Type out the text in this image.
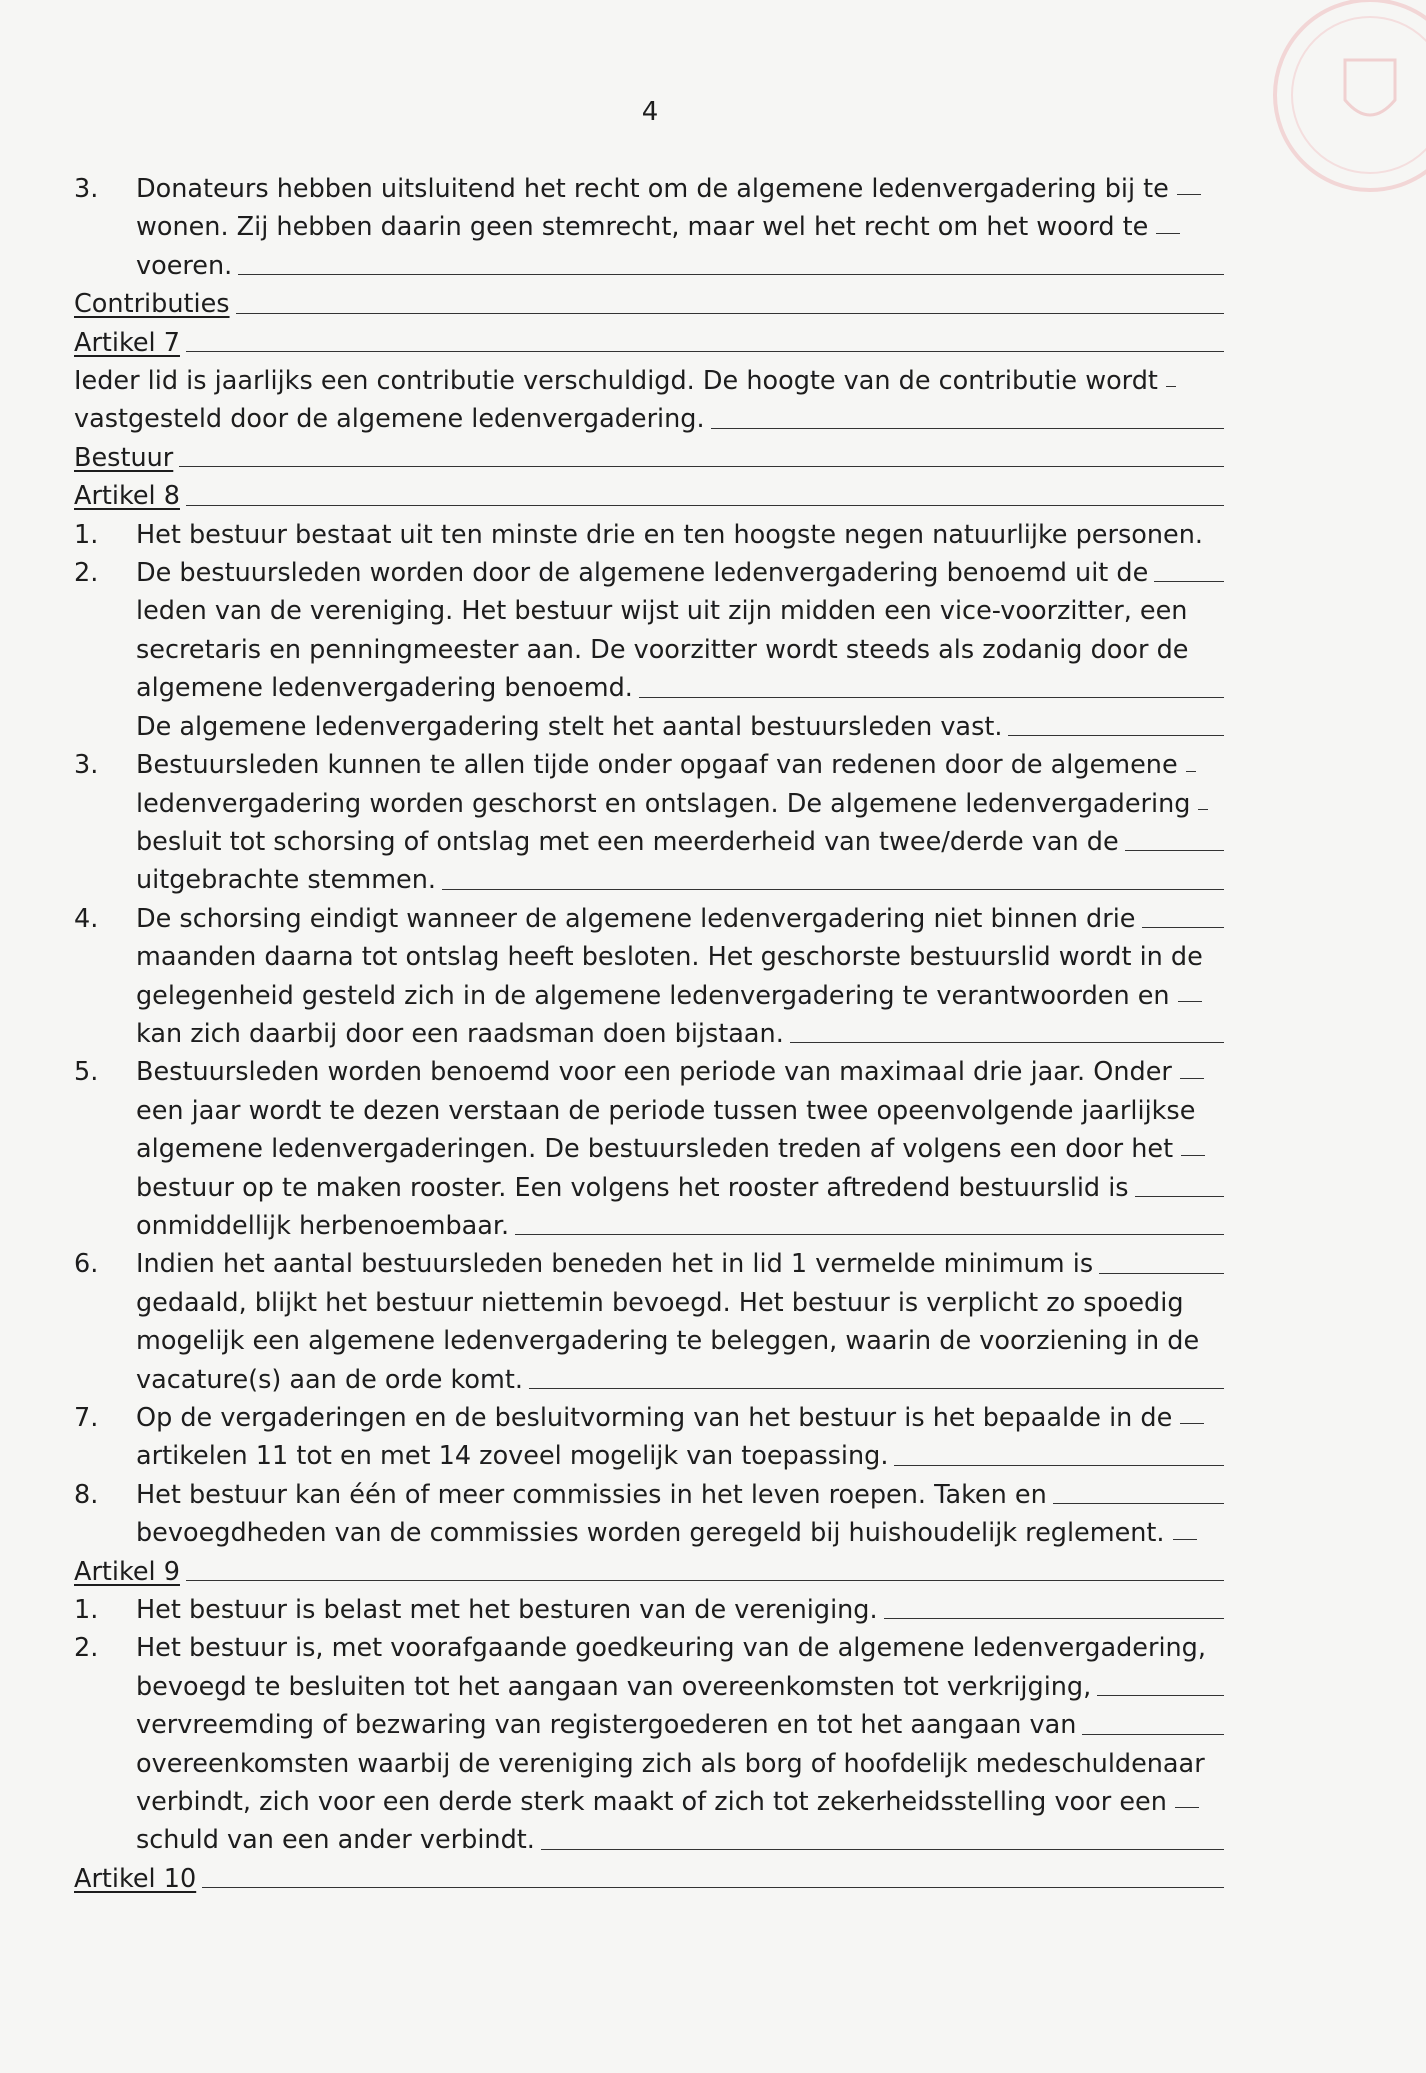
4
3.	Donateurs hebben uitsluitend het recht om de algemene ledenvergadering bij te
wonen. Zij hebben daarin geen stemrecht, maar wel het recht om het woord te
voeren.
Contributies
Artikel 7
Ieder lid is jaarlijks een contributie verschuldigd. De hoogte van de contributie wordt
vastgesteld door de algemene ledenvergadering.
Bestuur
Artikel 8
1.	Het bestuur bestaat uit ten minste drie en ten hoogste negen natuurlijke personen.
2.	De bestuursleden worden door de algemene ledenvergadering benoemd uit de
leden van de vereniging. Het bestuur wijst uit zijn midden een vice-voorzitter, een
secretaris en penningmeester aan. De voorzitter wordt steeds als zodanig door de
algemene ledenvergadering benoemd.
De algemene ledenvergadering stelt het aantal bestuursleden vast.
3.	Bestuursleden kunnen te allen tijde onder opgaaf van redenen door de algemene
ledenvergadering worden geschorst en ontslagen. De algemene ledenvergadering
besluit tot schorsing of ontslag met een meerderheid van twee/derde van de
uitgebrachte stemmen.
4.	De schorsing eindigt wanneer de algemene ledenvergadering niet binnen drie
maanden daarna tot ontslag heeft besloten. Het geschorste bestuurslid wordt in de
gelegenheid gesteld zich in de algemene ledenvergadering te verantwoorden en
kan zich daarbij door een raadsman doen bijstaan.
5.	Bestuursleden worden benoemd voor een periode van maximaal drie jaar. Onder
een jaar wordt te dezen verstaan de periode tussen twee opeenvolgende jaarlijkse
algemene ledenvergaderingen. De bestuursleden treden af volgens een door het
bestuur op te maken rooster. Een volgens het rooster aftredend bestuurslid is
onmiddellijk herbenoembaar.
6.	Indien het aantal bestuursleden beneden het in lid 1 vermelde minimum is
gedaald, blijkt het bestuur niettemin bevoegd. Het bestuur is verplicht zo spoedig
mogelijk een algemene ledenvergadering te beleggen, waarin de voorziening in de
vacature(s) aan de orde komt.
7.	Op de vergaderingen en de besluitvorming van het bestuur is het bepaalde in de
artikelen 11 tot en met 14 zoveel mogelijk van toepassing.
8.	Het bestuur kan één of meer commissies in het leven roepen. Taken en
bevoegdheden van de commissies worden geregeld bij huishoudelijk reglement.
Artikel 9
1.	Het bestuur is belast met het besturen van de vereniging.
2.	Het bestuur is, met voorafgaande goedkeuring van de algemene ledenvergadering,
bevoegd te besluiten tot het aangaan van overeenkomsten tot verkrijging,
vervreemding of bezwaring van registergoederen en tot het aangaan van
overeenkomsten waarbij de vereniging zich als borg of hoofdelijk medeschuldenaar
verbindt, zich voor een derde sterk maakt of zich tot zekerheidsstelling voor een
schuld van een ander verbindt.
Artikel 10
